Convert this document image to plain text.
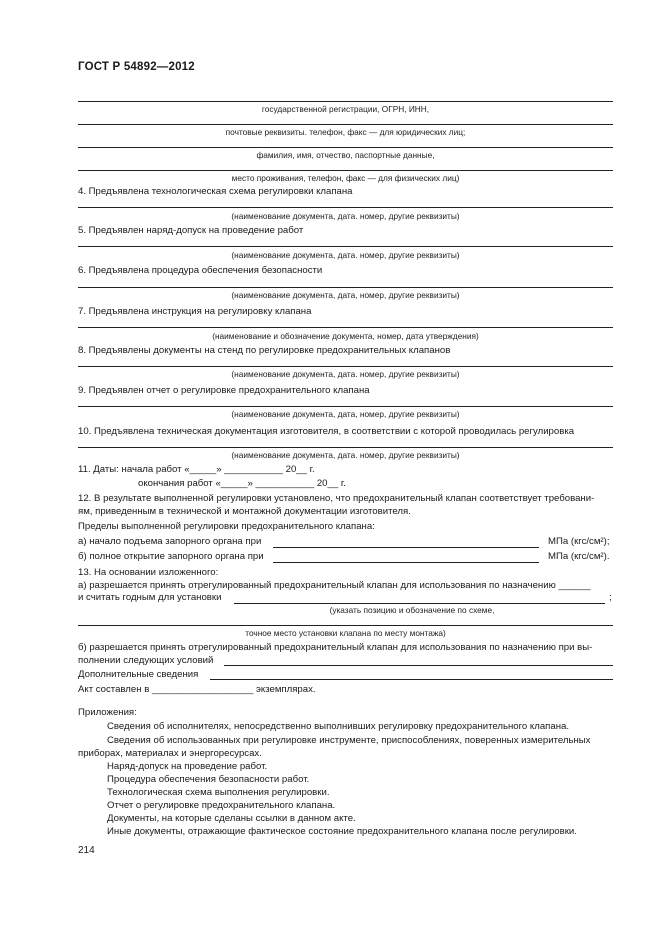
ГОСТ Р 54892—2012
государственной регистрации, ОГРН, ИНН,
почтовые реквизиты. телефон, факс — для юридических лиц;
фамилия, имя, отчество, паспортные данные,
место проживания, телефон, факс — для физических лиц)
4. Предъявлена технологическая схема регулировки клапана
(наименование документа, дата. номер, другие реквизиты)
5. Предъявлен наряд-допуск на проведение работ
(наименование документа, дата. номер, другие реквизиты)
6. Предъявлена процедура обеспечения безопасности
(наименование документа, дата, номер, другие реквизиты)
7. Предъявлена инструкция на регулировку клапана
(наименование и обозначение документа, номер, дата утверждения)
8. Предъявлены документы на стенд по регулировке предохранительных клапанов
(наименование документа, дата. номер, другие реквизиты)
9. Предъявлен отчет о регулировке предохранительного клапана
(наименование документа, дата, номер, другие реквизиты)
10. Предъявлена техническая документация изготовителя, в соответствии с которой проводилась регулировка
(наименование документа, дата. номер, другие реквизиты)
11. Даты: начала работ «_____» ___________ 20__ г.
окончания работ «_____» ___________ 20__ г.
12. В результате выполненной регулировки установлено, что предохранительный клапан соответствует требовани-
ям, приведенным в технической и монтажной документации изготовителя.
Пределы выполненной регулировки предохранительного клапана:
а) начало подъема запорного органа при	МПа (кгс/см²);
б) полное открытие запорного органа при	МПа (кгс/см²).
13. На основании изложенного:
а) разрешается принять отрегулированный предохранительный клапан для использования по назначению ______
и считать годным для установки	;
(указать позицию и обозначение по схеме,
точное место установки клапана по месту монтажа)
б) разрешается принять отрегулированный предохранительный клапан для использования по назначению при вы-
полнении следующих условий
Дополнительные сведения
Акт составлен в ___________________ экземплярах.
Приложения:
Сведения об исполнителях, непосредственно выполнивших регулировку предохранительного клапана.
Сведения об использованных при регулировке инструменте, приспособлениях, поверенных измерительных
приборах, материалах и энергоресурсах.
Наряд-допуск на проведение работ.
Процедура обеспечения безопасности работ.
Технологическая схема выполнения регулировки.
Отчет о регулировке предохранительного клапана.
Документы, на которые сделаны ссылки в данном акте.
Иные документы, отражающие фактическое состояние предохранительного клапана после регулировки.
214
